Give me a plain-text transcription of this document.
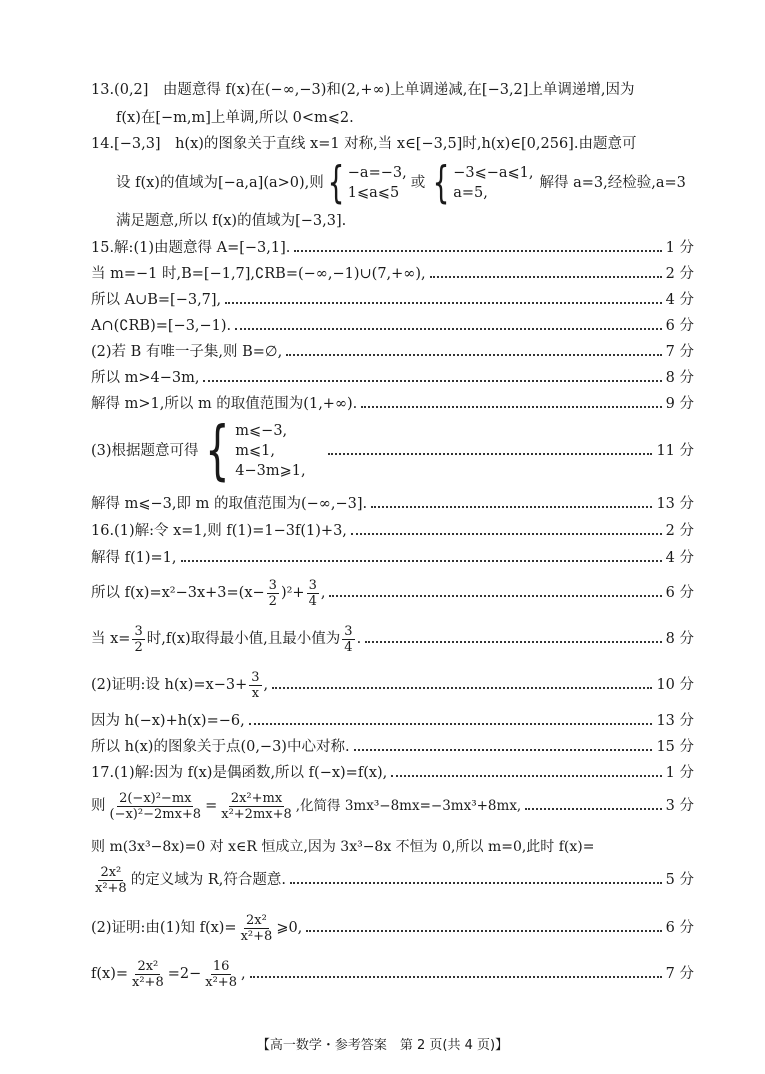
13.(0,2]　由题意得 f(x)在(−∞,−3)和(2,+∞)上单调递减,在[−3,2]上单调递增,因为
f(x)在[−m,m]上单调,所以 0<m⩽2.
14.[−3,3]　h(x)的图象关于直线 x=1 对称,当 x∈[−3,5]时,h(x)∈[0,256].由题意可
设 f(x)的值域为[−a,a](a>0),则 { −a=−3,
1⩽a⩽5
或 { −3⩽−a⩽1,
a=5,
解得 a=3,经检验,a=3
满足题意,所以 f(x)的值域为[−3,3].
15.解:(1)由题意得 A=[−3,1].	1 分
当 m=−1 时,B=[−1,7],∁RB=(−∞,−1)∪(7,+∞),	2 分
所以 A∪B=[−3,7],	4 分
A∩(∁RB)=[−3,−1).	6 分
(2)若 B 有唯一子集,则 B=∅,	7 分
所以 m>4−3m,	8 分
解得 m>1,所以 m 的取值范围为(1,+∞).	9 分
(3)根据题意可得 { m⩽−3,
m⩽1,
4−3m⩾1,
11 分
解得 m⩽−3,即 m 的取值范围为(−∞,−3].	13 分
16.(1)解:令 x=1,则 f(1)=1−3f(1)+3,	2 分
解得 f(1)=1,	4 分
所以 $f(x)=x^2-3x+3=(x- \frac{3}{2} )^2+ \frac{3}{4}$ ,	6 分
当 $x= \frac{3}{2}$ 时,f(x)取得最小值,且最小值为 $\frac{3}{4}$ .	8 分
(2)证明:设 $h(x)=x-3+ \frac{3}{x}$ ,	10 分
因为 h(−x)+h(x)=−6,	13 分
所以 h(x)的图象关于点(0,−3)中心对称.	15 分
17.(1)解:因为 f(x)是偶函数,所以 f(−x)=f(x),	1 分
则 $\frac{\text{2(−x)²−mx}}{\text{(−x)²−2mx+8}} = \frac{\text{2x²+mx}}{\text{x²+2mx+8}}$ ,化简得 3mx³−8mx=−3mx³+8mx,	3 分
则 m(3x³−8x)=0 对 x∈R 恒成立,因为 3x³−8x 不恒为 0,所以 m=0,此时 f(x)=
$\frac{\text{2x²}}{\text{x²+8}}$ 的定义域为 R,符合题意.	5 分
(2)证明:由(1)知 $f(x)= \frac{\text{2x²}}{\text{x²+8}}$ ⩾0,	6 分
$f(x)= \frac{\text{2x²}}{\text{x²+8}} =2- \frac{16}{\text{x²+8}}$ ,	7 分
【高一数学・参考答案　第 2 页(共 4 页)】
